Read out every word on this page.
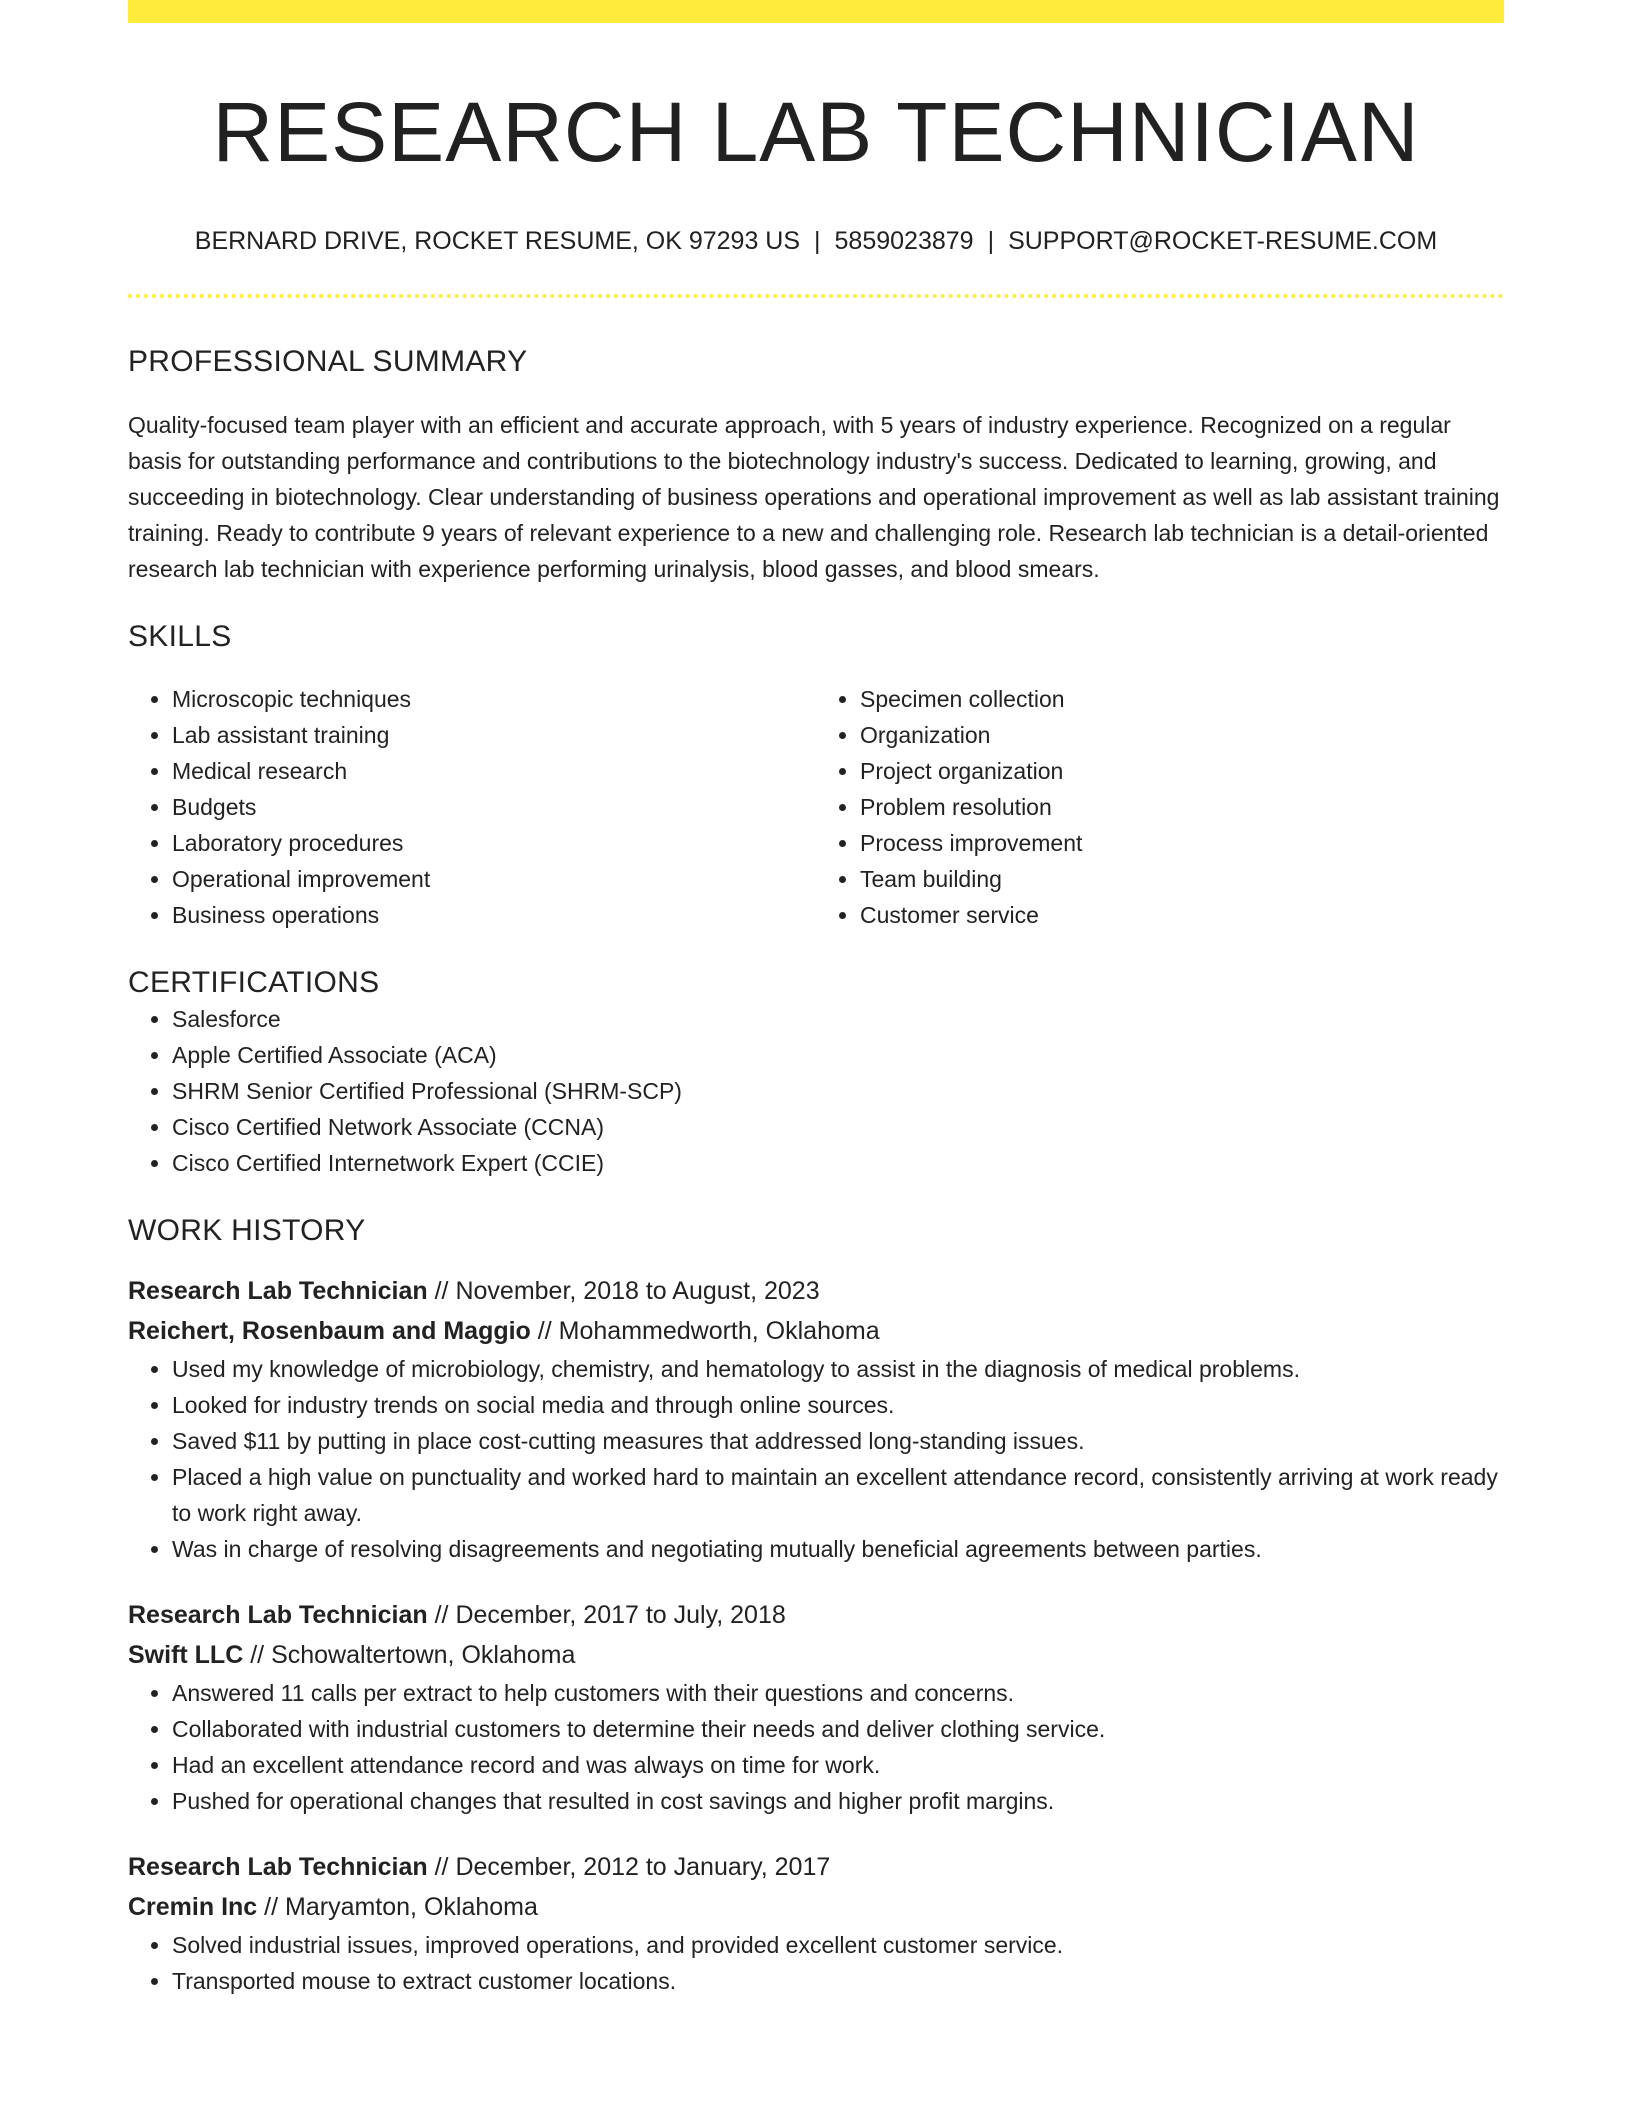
RESEARCH LAB TECHNICIAN
BERNARD DRIVE, ROCKET RESUME, OK 97293 US | 5859023879 | SUPPORT@ROCKET-RESUME.COM
PROFESSIONAL SUMMARY

Quality-focused team player with an efficient and accurate approach, with 5 years of industry experience. Recognized on a regular basis for outstanding performance and contributions to the biotechnology industry's success. Dedicated to learning, growing, and succeeding in biotechnology. Clear understanding of business operations and operational improvement as well as lab assistant training training. Ready to contribute 9 years of relevant experience to a new and challenging role. Research lab technician is a detail-oriented research lab technician with experience performing urinalysis, blood gasses, and blood smears.

SKILLS
• Microscopic techniques
• Lab assistant training
• Medical research
• Budgets
• Laboratory procedures
• Operational improvement
• Business operations
• Specimen collection
• Organization
• Project organization
• Problem resolution
• Process improvement
• Team building
• Customer service
CERTIFICATIONS
• Salesforce
• Apple Certified Associate (ACA)
• SHRM Senior Certified Professional (SHRM-SCP)
• Cisco Certified Network Associate (CCNA)
• Cisco Certified Internetwork Expert (CCIE)
WORK HISTORY
Research Lab Technician // November, 2018 to August, 2023
Reichert, Rosenbaum and Maggio // Mohammedworth, Oklahoma
• Used my knowledge of microbiology, chemistry, and hematology to assist in the diagnosis of medical problems.
• Looked for industry trends on social media and through online sources.
• Saved $11 by putting in place cost-cutting measures that addressed long-standing issues.
• Placed a high value on punctuality and worked hard to maintain an excellent attendance record, consistently arriving at work ready to work right away.
• Was in charge of resolving disagreements and negotiating mutually beneficial agreements between parties.
Research Lab Technician // December, 2017 to July, 2018
Swift LLC // Schowaltertown, Oklahoma
• Answered 11 calls per extract to help customers with their questions and concerns.
• Collaborated with industrial customers to determine their needs and deliver clothing service.
• Had an excellent attendance record and was always on time for work.
• Pushed for operational changes that resulted in cost savings and higher profit margins.
Research Lab Technician // December, 2012 to January, 2017
Cremin Inc // Maryamton, Oklahoma
• Solved industrial issues, improved operations, and provided excellent customer service.
• Transported mouse to extract customer locations.
